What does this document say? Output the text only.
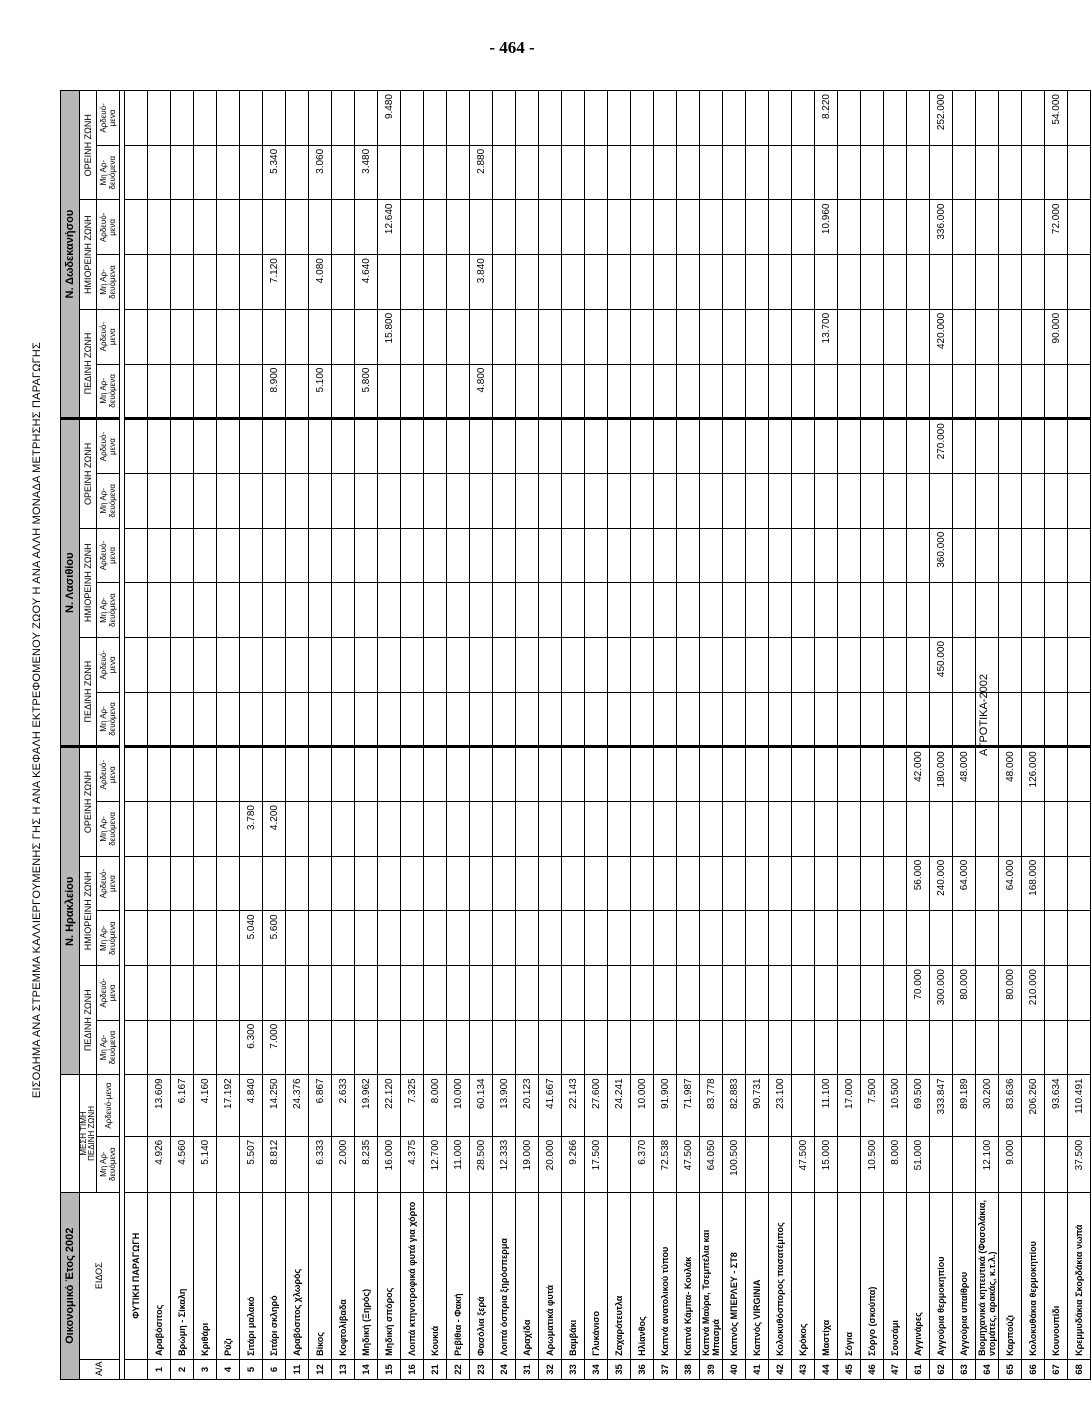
- 464 -
ΕΙΣΟΔΗΜΑ ΑΝΑ ΣΤΡΕΜΜΑ ΚΑΛΛΙΕΡΓΟΥΜΕΝΗΣ ΓΗΣ Η ΑΝΑ ΚΕΦΑΛΗ ΕΚΤΡΕΦΟΜΕΝΟΥ ΖΩΟΥ Η ΑΝΑ ΑΛΛΗ ΜΟΝΑΔΑ ΜΕΤΡΗΣΗΣ ΠΑΡΑΓΩΓΗΣ	ΑΓΡΟΤΙΚΑ-2002
Οικονομικό Έτος 2002				Ν. Ηρακλείου						Ν. Λασιθίου						Ν. Δωδεκανήσου					
Α/Α	ΕΙΔΟΣ	ΜΕΣΗ ΤΙΜΗ
ΠΕΔΙΝΗ ΖΩΝΗ		ΠΕΔΙΝΗ ΖΩΝΗ		ΗΜΙΟΡΕΙΝΗ ΖΩΝΗ		ΟΡΕΙΝΗ ΖΩΝΗ		ΠΕΔΙΝΗ ΖΩΝΗ		ΗΜΙΟΡΕΙΝΗ ΖΩΝΗ		ΟΡΕΙΝΗ ΖΩΝΗ		ΠΕΔΙΝΗ ΖΩΝΗ		ΗΜΙΟΡΕΙΝΗ ΖΩΝΗ		ΟΡΕΙΝΗ ΖΩΝΗ	
		Μη Αρ- δευόμενα	Αρδευό-μενα	Μη Αρ- δευόμενα	Αρδευό- μενα	Μη Αρ- δευόμενα	Αρδευό- μενα	Μη Αρ- δευόμενα	Αρδευό- μενα	Μη Αρ- δευόμενα	Αρδευό- μενα	Μη Αρ- δευόμενα	Αρδευό- μενα	Μη Αρ- δευόμενα	Αρδευό- μενα	Μη Αρ- δευόμενα	Αρδευό- μενα	Μη Αρ- δευόμενα	Αρδευό- μενα	Μη Αρ- δευόμενα	Αρδευό- μενα

	ΦΥΤΙΚΗ ΠΑΡΑΓΩΓΗ																				
1	Αραβόσιτος	4.926	13.609																		
2	Βρώμη - Σίκαλη	4.560	6.167																		
3	Κριθάρι	5.140	4.160																		
4	Ρύζι		17.192																		
5	Σιτάρι μαλακό	5.507	4.840	6.300		5.040		3.780													
6	Σιτάρι σκληρό	8.812	14.250	7.000		5.600		4.200								8.900		7.120		5.340	
11	Αραβόσιτος χλωρός		24.376																		
12	Βίκος	6.333	6.867													5.100		4.080		3.060	
13	Κοφτολίβαδα	2.000	2.633																		
14	Μηδική (Ξηρός)	8.235	19.962													5.800		4.640		3.480	
15	Μηδική σπόρος	16.000	22.120														15.800		12.640		9.480
16	Λοιπά κτηνοτροφικά φυτά για χόρτο	4.375	7.325																		
21	Κουκιά	12.700	8.000																		
22	Ρεβίθια - Φακή	11.000	10.000																		
23	Φασόλια ξερά	28.500	60.134													4.800		3.840		2.880	
24	Λοιπά όσπρια ξηρόσπερμα	12.333	13.900																		
31	Αραχίδα	19.000	20.123																		
32	Αρωματικά φυτά	20.000	41.667																		
33	Βαμβάκι	9.266	22.143																		
34	Γλυκάνισο	17.500	27.600																		
35	Ζαχαρότευτλα		24.241																		
36	Ηλίανθος	6.370	10.000																		
37	Καπνά ανατολικού τύπου	72.538	91.900																		
38	Καπνά Κάμπα- Κουλάκ	47.500	71.987																		
39	Καπνά Μαύρα, Τσεμπέλια και Μπασμά	64.050	83.778																		
40	Καπνός ΜΠΕΡΛΕΥ - ΣΤ8	100.500	82.883																		
41	Καπνός VIRGINIA		90.731																		
42	Κολοκυθόσπορος πασατέμπος		23.100																		
43	Κρόκος	47.500																			
44	Μαστίχα	15.000	11.100														13.700		10.960		8.220
45	Σόγια		17.000																		
46	Σόργο (σκούπα)	10.500	7.500																		
47	Σουσάμι	8.000	10.500																		
61	Αγγινάρες	51.000	69.500		70.000		56.000		42.000												
62	Αγγούρια θερμοκηπίου		333.847		300.000		240.000		180.000		450.000		360.000		270.000		420.000		336.000		252.000
63	Αγγούρια υπαίθρου		89.189		80.000		64.000		48.000												
64	Βιομηχανικά κηπευτικά (Φασολάκια, ντομάτες, αρακάς, κ.τ.λ.)	12.100	30.200																		
65	Καρπούζι	9.000	83.636		80.000		64.000		48.000												
66	Κολοκυθάκια θερμοκηπίου		206.260		210.000		168.000		126.000												
67	Κουνουπίδι		93.634														90.000		72.000		54.000
68	Κρεμμυδάκια Σκορδάκια νωπά	37.500	110.491																		
